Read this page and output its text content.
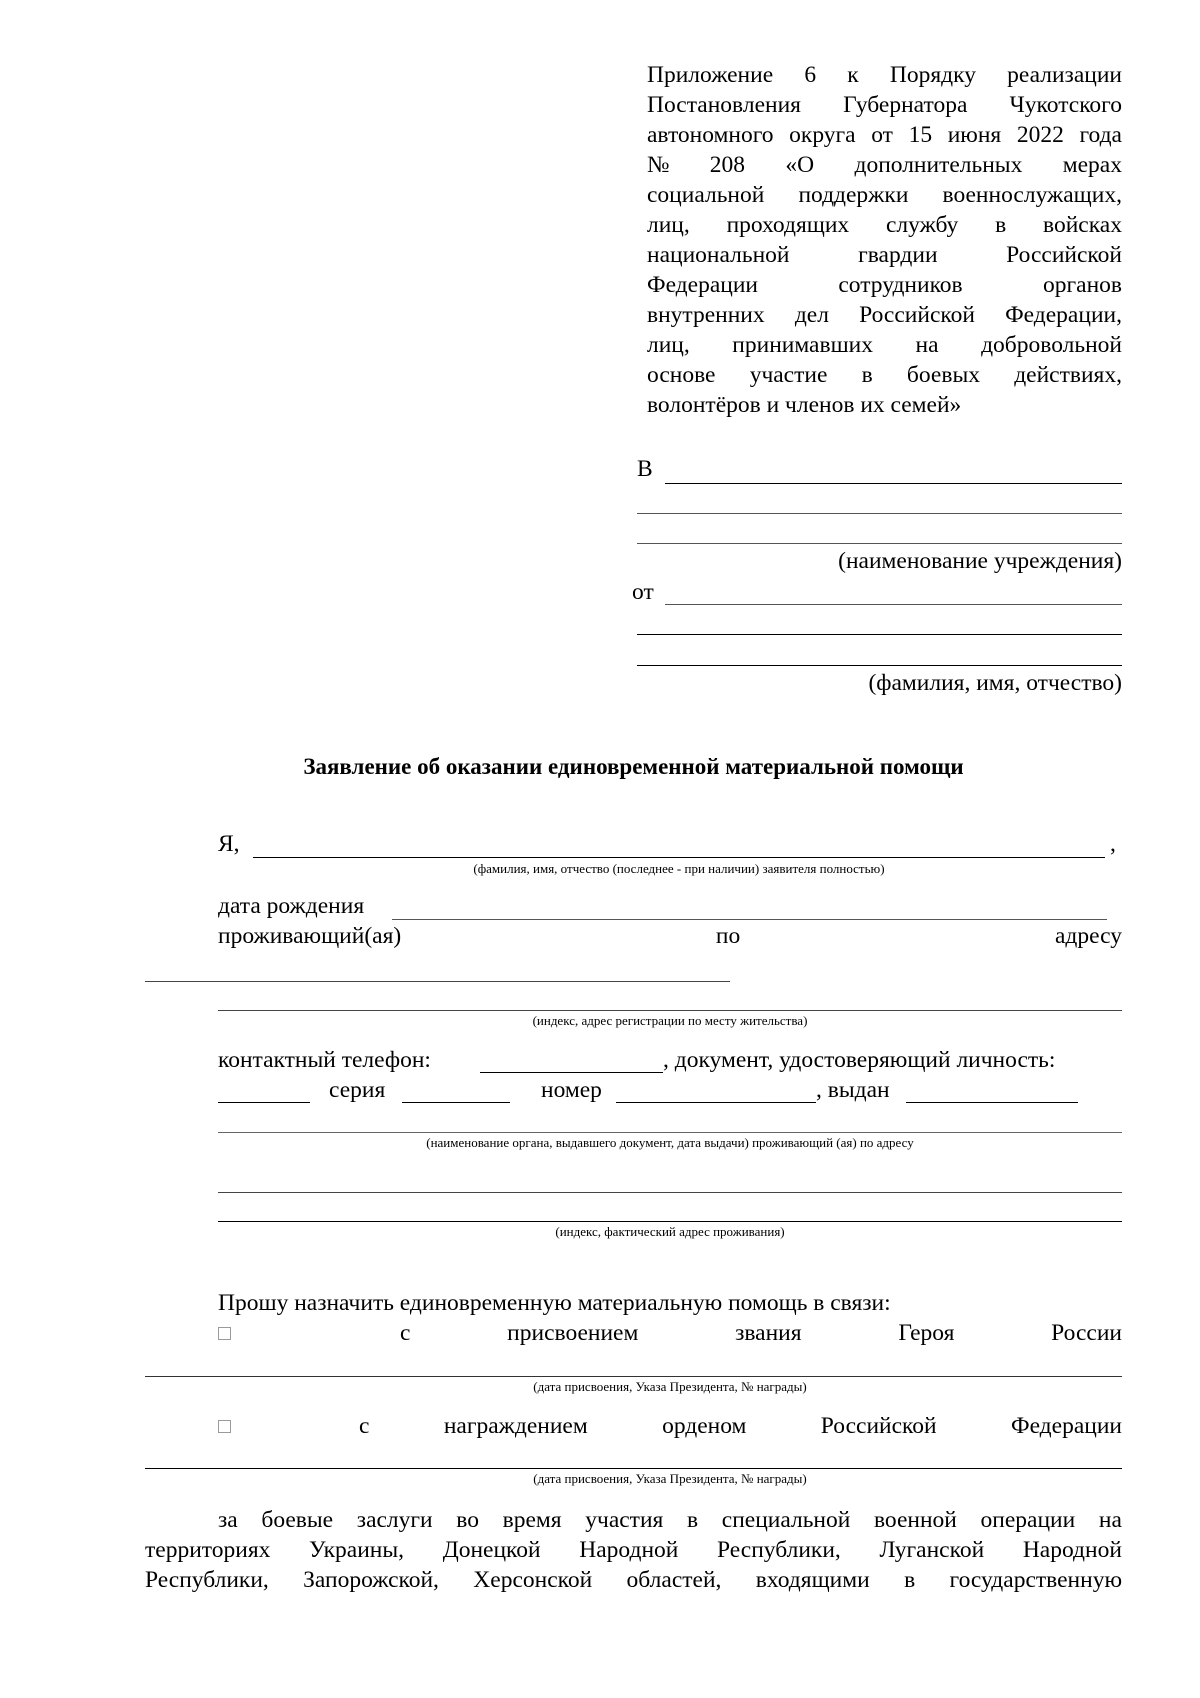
Приложение 6 к Порядку реализации
Постановления Губернатора Чукотского
автономного округа от 15 июня 2022 года
№ 208 «О дополнительных мерах
социальной поддержки военнослужащих,
лиц, проходящих службу в войсках
национальной	гвардии	Российской
Федерации	сотрудников	органов
внутренних дел Российской Федерации,
лиц, принимавших на добровольной
основе участие в боевых действиях,
волонтёров и членов их семей»
В
(наименование учреждения)
от
(фамилия, имя, отчество)
Заявление об оказании единовременной материальной помощи
Я,	,
(фамилия, имя, отчество (последнее - при наличии) заявителя полностью)
дата рождения
проживающий(ая)	по	адресу
(индекс, адрес регистрации по месту жительства)
контактный телефон:	, документ, удостоверяющий личность:
серия	номер	, выдан
(наименование органа, выдавшего документ, дата выдачи) проживающий (ая) по адресу
(индекс, фактический адрес проживания)
Прошу назначить единовременную материальную помощь в связи:
с	присвоением	звания	Героя	России
(дата присвоения, Указа Президента, № награды)
с	награждением	орденом	Российской	Федерации
(дата присвоения, Указа Президента, № награды)
за боевые заслуги во время участия в специальной военной операции на
территориях Украины, Донецкой Народной Республики, Луганской Народной
Республики, Запорожской, Херсонской областей, входящими в государственную
